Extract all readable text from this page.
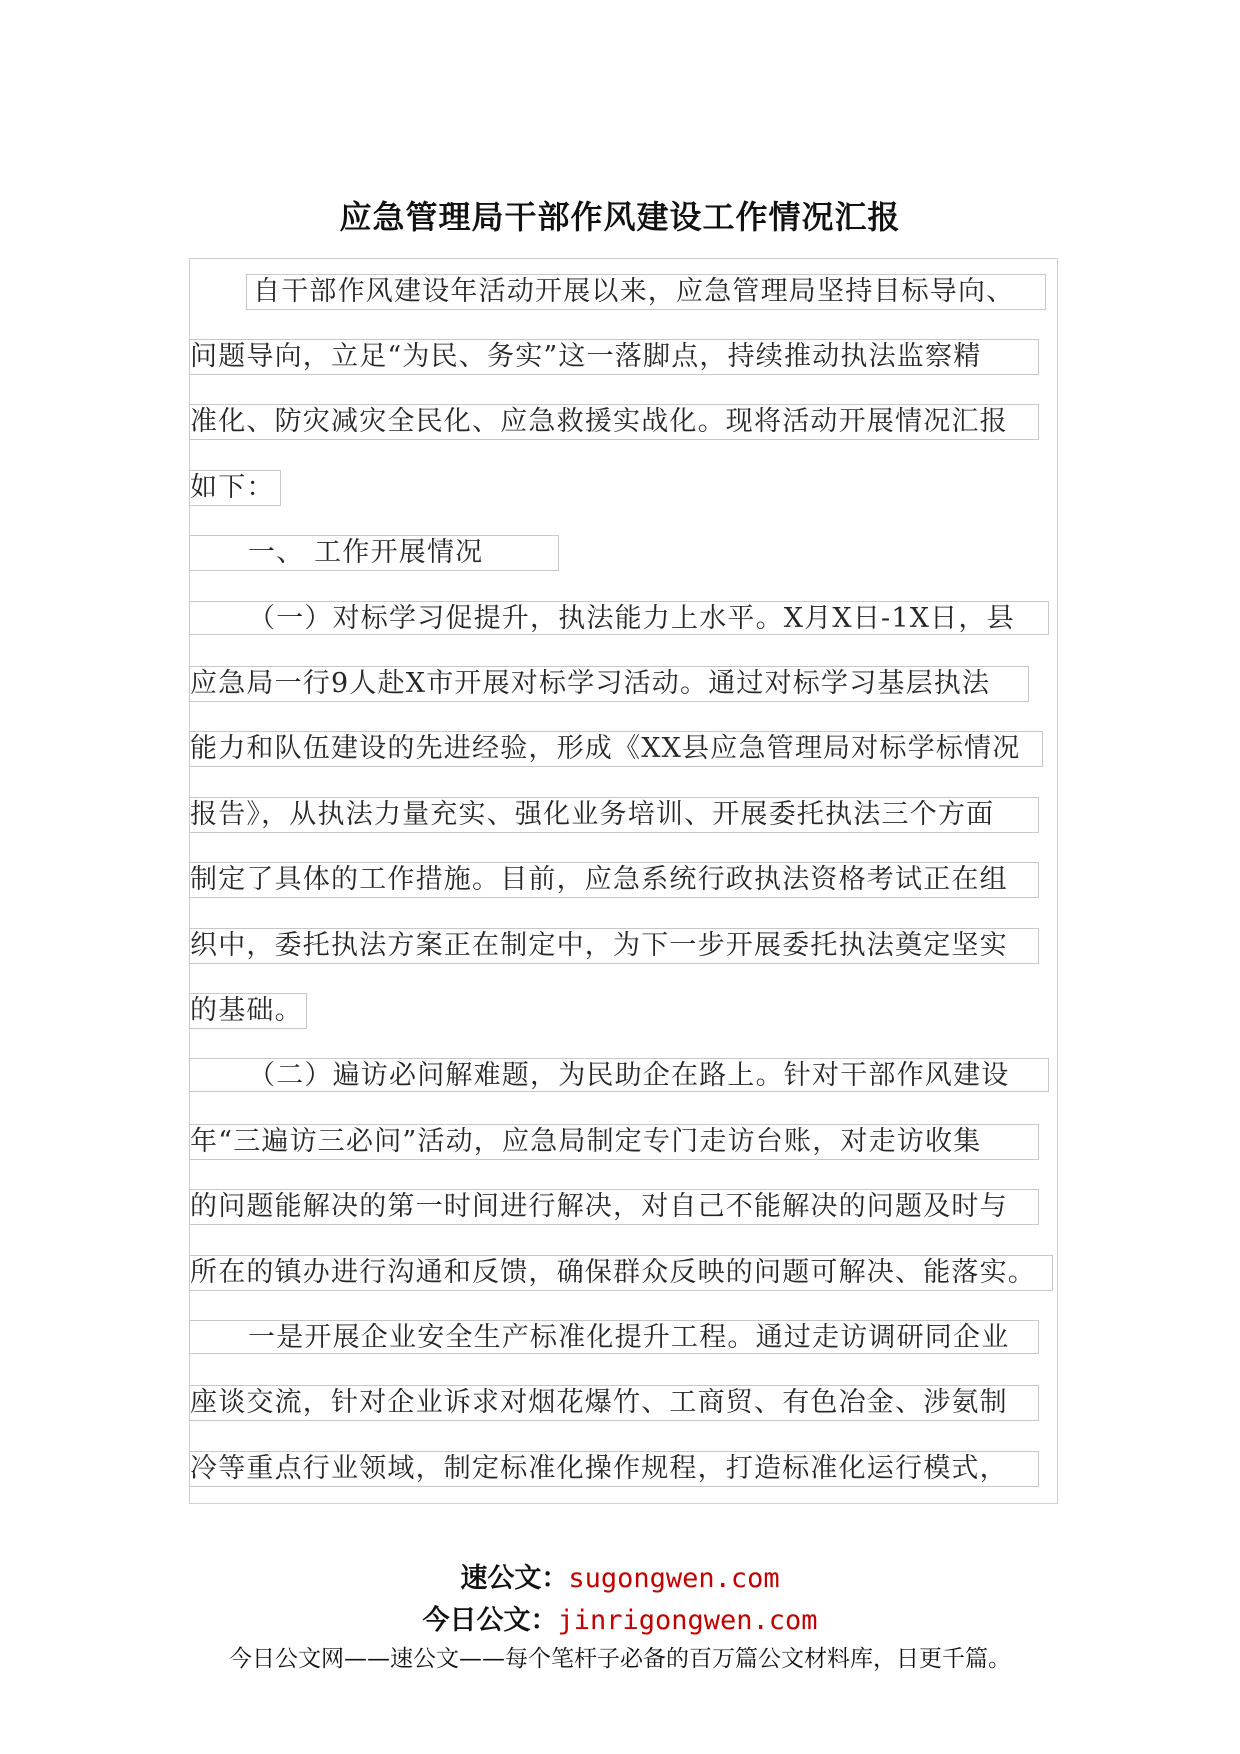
应急管理局干部作风建设工作情况汇报
自干部作风建设年活动开展以来，应急管理局坚持目标导向、
问题导向，立足“为民、务实”这一落脚点，持续推动执法监察精
准化、防灾减灾全民化、应急救援实战化。现将活动开展情况汇报
如下：
一、 工作开展情况
（一）对标学习促提升，执法能力上水平。X月X日-1X日，县
应急局一行9人赴X市开展对标学习活动。通过对标学习基层执法
能力和队伍建设的先进经验，形成《XX县应急管理局对标学标情况
报告》，从执法力量充实、强化业务培训、开展委托执法三个方面
制定了具体的工作措施。目前，应急系统行政执法资格考试正在组
织中，委托执法方案正在制定中，为下一步开展委托执法奠定坚实
的基础。
（二）遍访必问解难题，为民助企在路上。针对干部作风建设
年“三遍访三必问”活动，应急局制定专门走访台账，对走访收集
的问题能解决的第一时间进行解决，对自己不能解决的问题及时与
所在的镇办进行沟通和反馈，确保群众反映的问题可解决、能落实。
一是开展企业安全生产标准化提升工程。通过走访调研同企业
座谈交流，针对企业诉求对烟花爆竹、工商贸、有色冶金、涉氨制
冷等重点行业领域，制定标准化操作规程，打造标准化运行模式，
速公文：sugongwen.com
今日公文：jinrigongwen.com
今日公文网——速公文——每个笔杆子必备的百万篇公文材料库，日更千篇。
